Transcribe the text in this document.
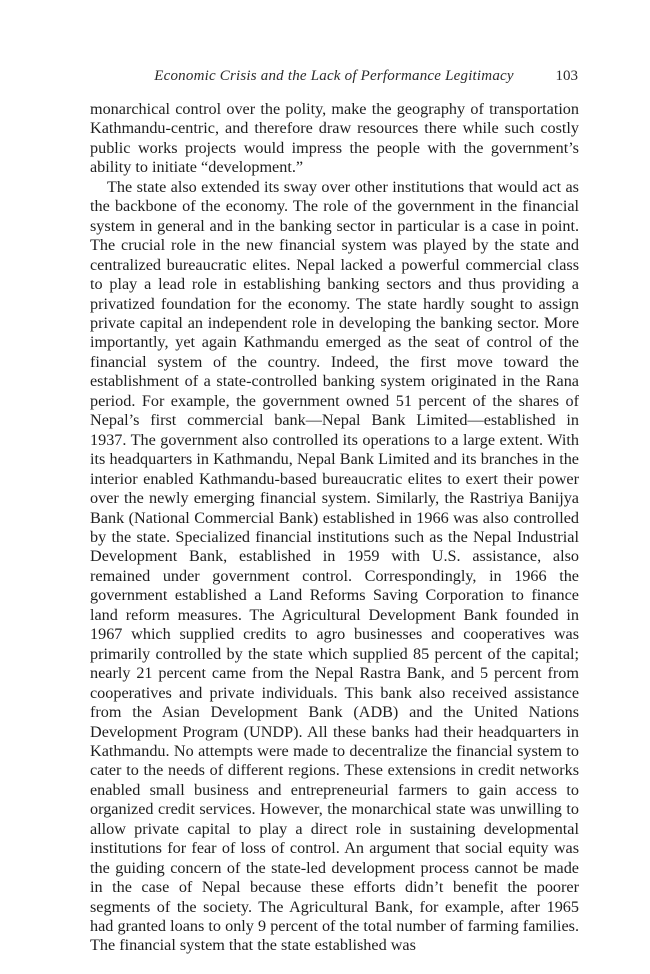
Economic Crisis and the Lack of Performance Legitimacy	103

monarchical control over the polity, make the geography of transportation Kathmandu-centric, and therefore draw resources there while such costly public works projects would impress the people with the government’s ability to initiate “development.”

The state also extended its sway over other institutions that would act as the backbone of the economy. The role of the government in the financial system in general and in the banking sector in particular is a case in point. The crucial role in the new financial system was played by the state and centralized bureaucratic elites. Nepal lacked a powerful commercial class to play a lead role in establishing banking sectors and thus providing a privatized foundation for the economy. The state hardly sought to assign private capital an independent role in developing the banking sector. More importantly, yet again Kathmandu emerged as the seat of control of the financial system of the country. Indeed, the first move toward the establishment of a state-controlled banking system originated in the Rana period. For example, the government owned 51 percent of the shares of Nepal’s first commercial bank—Nepal Bank Limited—established in 1937. The government also controlled its operations to a large extent. With its headquarters in Kathmandu, Nepal Bank Limited and its branches in the interior enabled Kathmandu-based bureaucratic elites to exert their power over the newly emerging financial system. Similarly, the Rastriya Banijya Bank (National Commercial Bank) established in 1966 was also controlled by the state. Specialized financial institutions such as the Nepal Industrial Development Bank, established in 1959 with U.S. assistance, also remained under government control. Correspondingly, in 1966 the government established a Land Reforms Saving Corporation to finance land reform measures. The Agricultural Development Bank founded in 1967 which supplied credits to agro businesses and cooperatives was primarily controlled by the state which supplied 85 percent of the capital; nearly 21 percent came from the Nepal Rastra Bank, and 5 percent from cooperatives and private individuals. This bank also received assistance from the Asian Development Bank (ADB) and the United Nations Development Program (UNDP). All these banks had their headquarters in Kathmandu. No attempts were made to decentralize the financial system to cater to the needs of different regions. These extensions in credit networks enabled small business and entrepreneurial farmers to gain access to organized credit services. However, the monarchical state was unwilling to allow private capital to play a direct role in sustaining developmental institutions for fear of loss of control. An argument that social equity was the guiding concern of the state-led development process cannot be made in the case of Nepal because these efforts didn’t benefit the poorer segments of the society. The Agricultural Bank, for example, after 1965 had granted loans to only 9 percent of the total number of farming families. The financial system that the state established was
